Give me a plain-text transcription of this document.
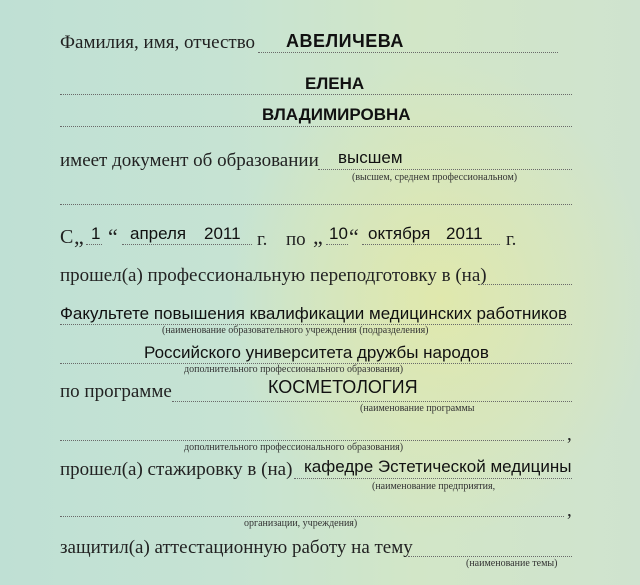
Фамилия, имя, отчество АВЕЛИЧЕВА
ЕЛЕНА
ВЛАДИМИРОВНА
имеет документ об образовании высшем
(высшем, среднем профессиональном)
С „ 1 “ апреля 2011 г. по „ 10 “ октября 2011 г.
прошел(а) профессиональную переподготовку в (на)
Факультете повышения квалификации медицинских работников
(наименование образовательного учреждения (подразделения)
Российского университета дружбы народов
дополнительного профессионального образования)
по программе	КОСМЕТОЛОГИЯ
(наименование программы
,
дополнительного профессионального образования)
прошел(а) стажировку в (на) кафедре Эстетической медицины
(наименование предприятия,
,
организации, учреждения)
защитил(а) аттестационную работу на тему
(наименование темы)
